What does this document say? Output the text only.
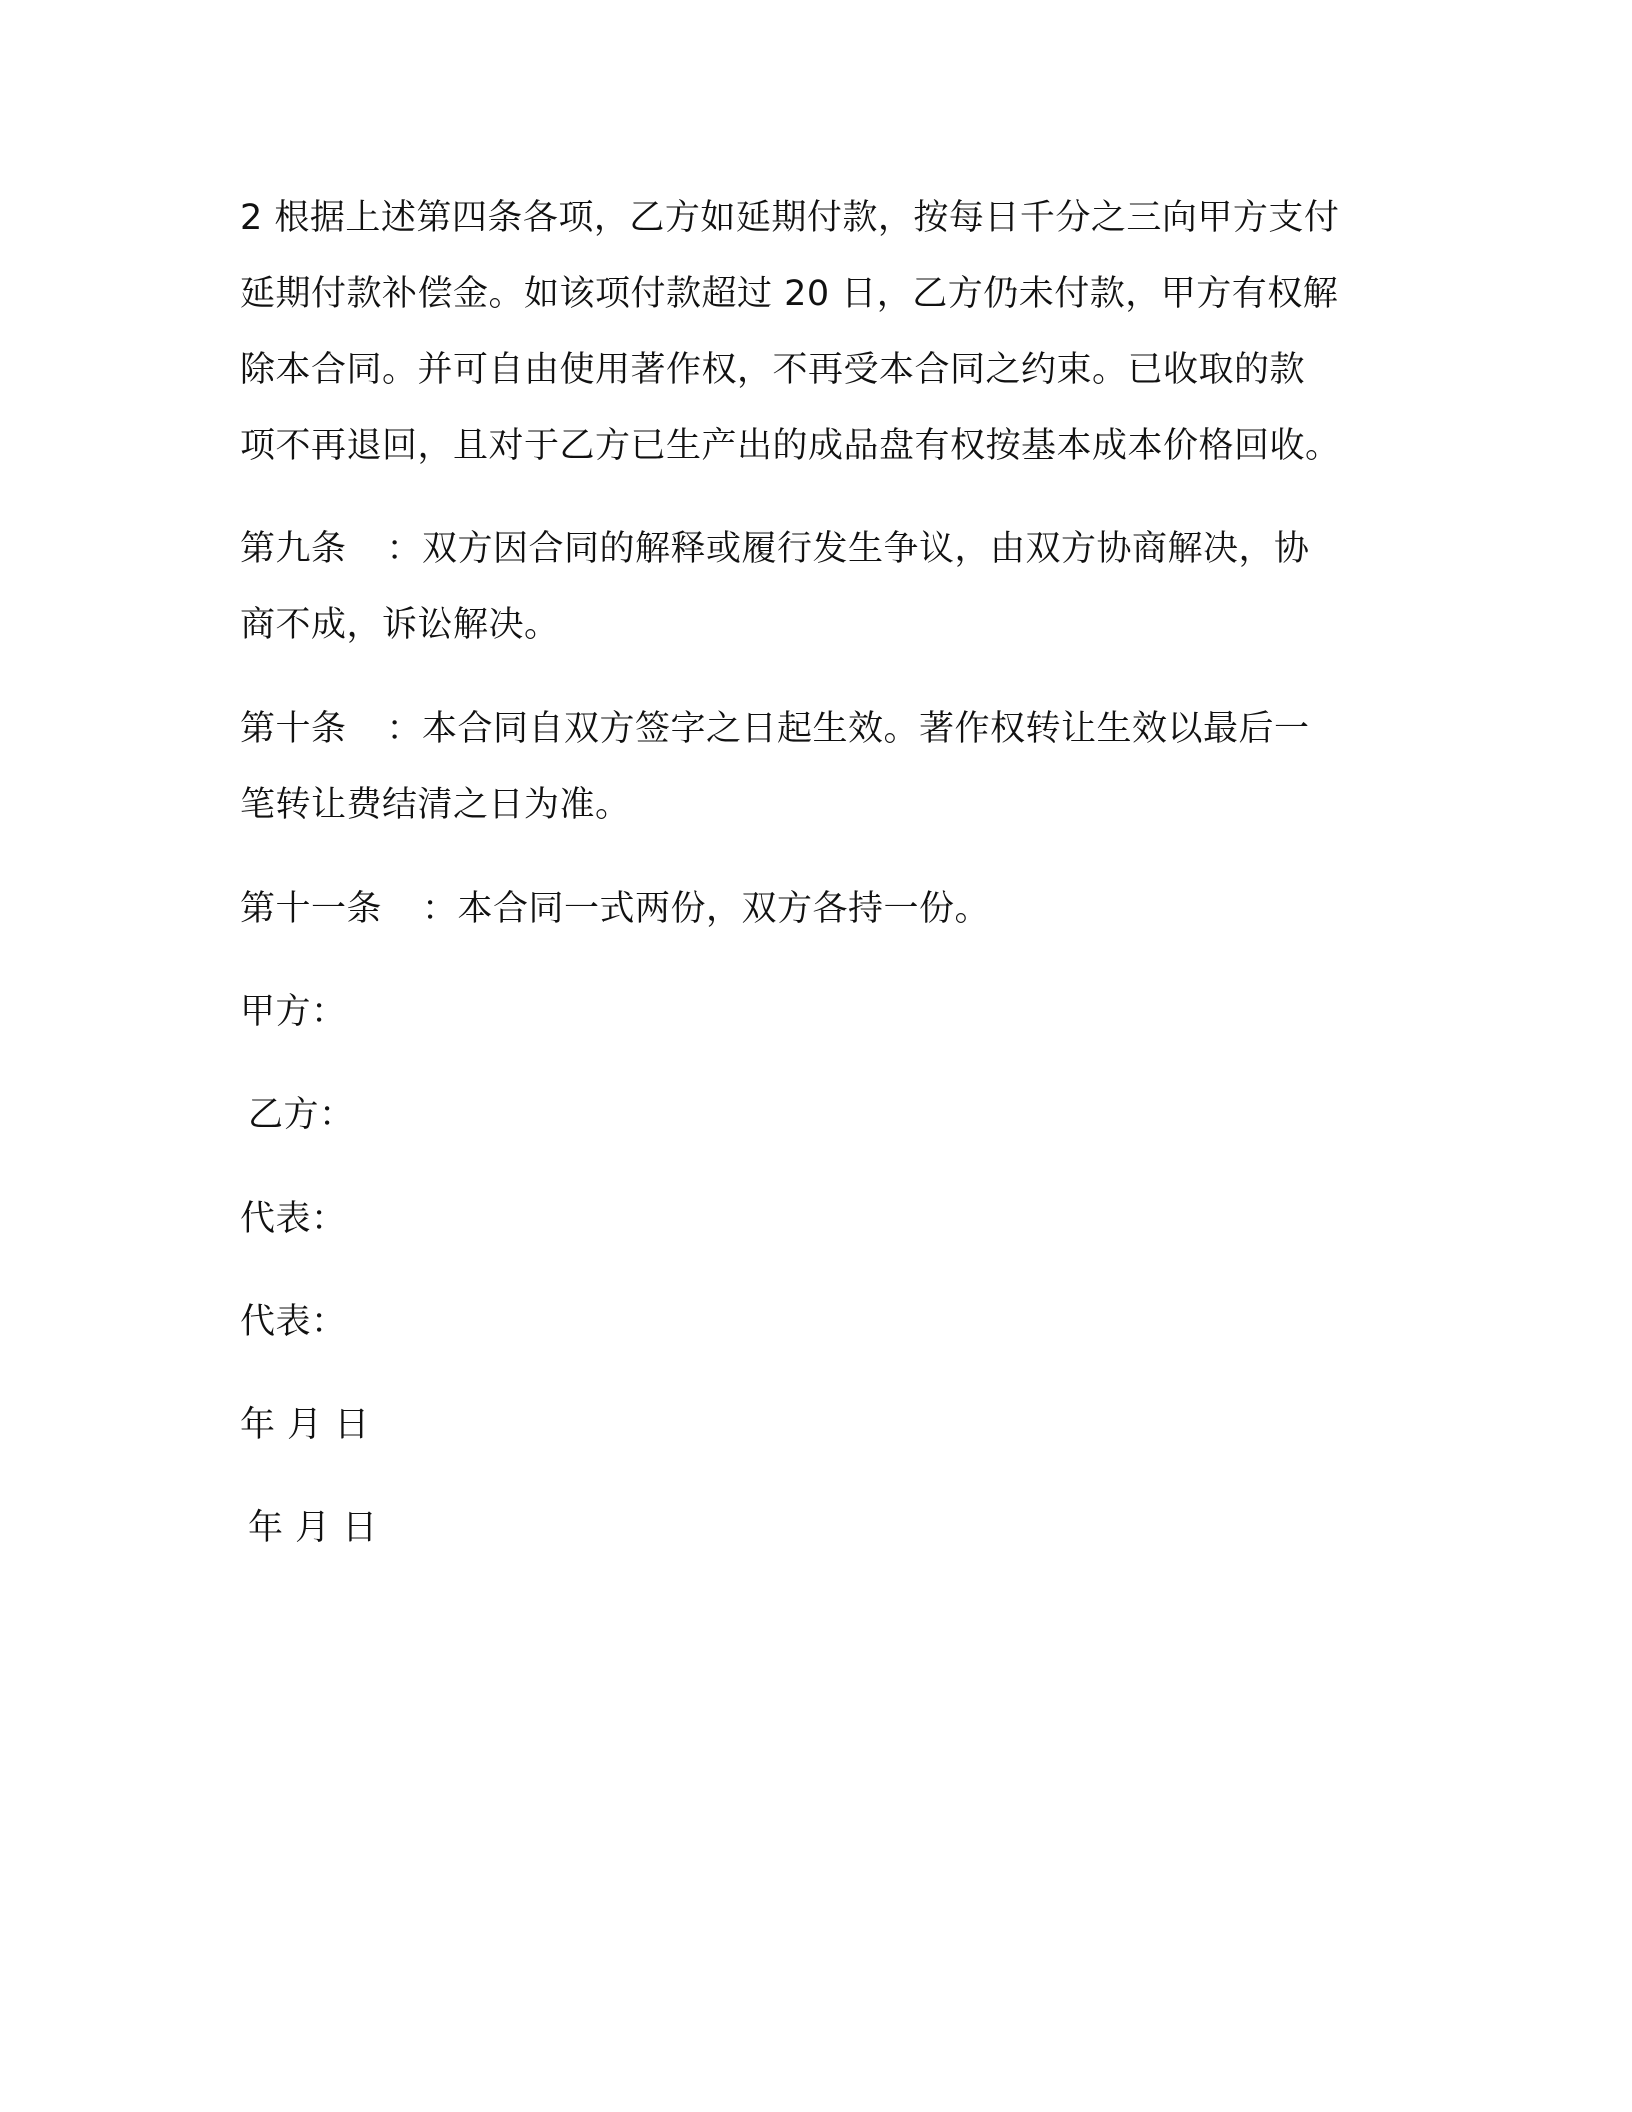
2 根据上述第四条各项，乙方如延期付款，按每日千分之三向甲方支付
延期付款补偿金。如该项付款超过 20 日，乙方仍未付款，甲方有权解
除本合同。并可自由使用著作权，不再受本合同之约束。已收取的款
项不再退回，且对于乙方已生产出的成品盘有权按基本成本价格回收。
第九条 ：双方因合同的解释或履行发生争议，由双方协商解决，协
商不成，诉讼解决。
第十条 ：本合同自双方签字之日起生效。著作权转让生效以最后一
笔转让费结清之日为准。
第十一条 ：本合同一式两份，双方各持一份。
甲方：
乙方：
代表：
代表：
年 月 日
年 月 日
